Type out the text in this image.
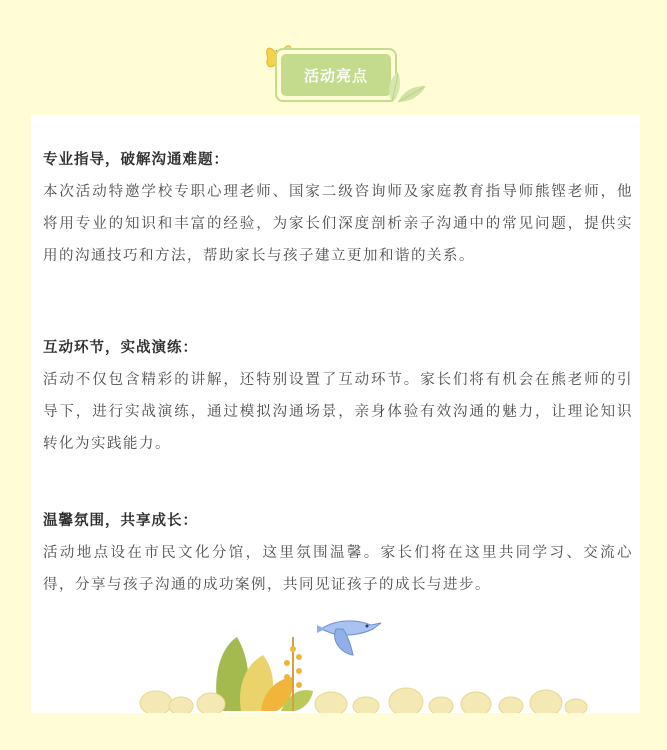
活动亮点
专业指导，破解沟通难题：
本次活动特邀学校专职心理老师、国家二级咨询师及家庭教育指导师熊铿老师，他将用专业的知识和丰富的经验，为家长们深度剖析亲子沟通中的常见问题，提供实用的沟通技巧和方法，帮助家长与孩子建立更加和谐的关系。
互动环节，实战演练：
活动不仅包含精彩的讲解，还特别设置了互动环节。家长们将有机会在熊老师的引导下，进行实战演练，通过模拟沟通场景，亲身体验有效沟通的魅力，让理论知识转化为实践能力。
温馨氛围，共享成长：
活动地点设在市民文化分馆，这里氛围温馨。家长们将在这里共同学习、交流心得，分享与孩子沟通的成功案例，共同见证孩子的成长与进步。
